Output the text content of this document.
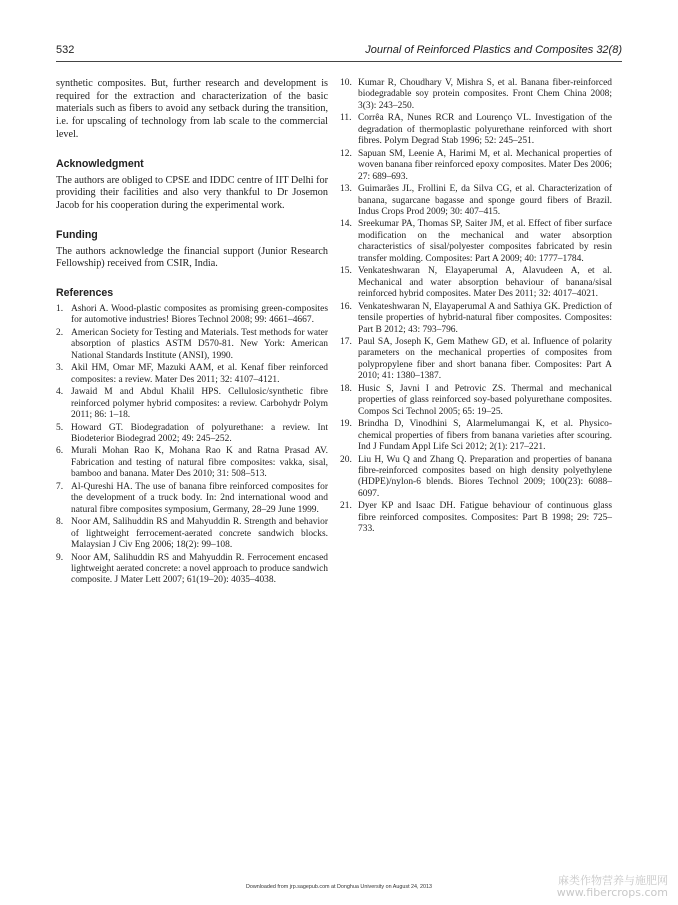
532	Journal of Reinforced Plastics and Composites 32(8)

synthetic composites. But, further research and development is required for the extraction and characterization of the basic materials such as fibers to avoid any setback during the transition, i.e. for upscaling of technology from lab scale to the commercial level.

Acknowledgment

The authors are obliged to CPSE and IDDC centre of IIT Delhi for providing their facilities and also very thankful to Dr Josemon Jacob for his cooperation during the experimental work.

Funding

The authors acknowledge the financial support (Junior Research Fellowship) received from CSIR, India.

References
1. Ashori A. Wood-plastic composites as promising green-composites for automotive industries! Biores Technol 2008; 99: 4661–4667.
2. American Society for Testing and Materials. Test methods for water absorption of plastics ASTM D570-81. New York: American National Standards Institute (ANSI), 1990.
3. Akil HM, Omar MF, Mazuki AAM, et al. Kenaf fiber reinforced composites: a review. Mater Des 2011; 32: 4107–4121.
4. Jawaid M and Abdul Khalil HPS. Cellulosic/synthetic fibre reinforced polymer hybrid composites: a review. Carbohydr Polym 2011; 86: 1–18.
5. Howard GT. Biodegradation of polyurethane: a review. Int Biodeterior Biodegrad 2002; 49: 245–252.
6. Murali Mohan Rao K, Mohana Rao K and Ratna Prasad AV. Fabrication and testing of natural fibre composites: vakka, sisal, bamboo and banana. Mater Des 2010; 31: 508–513.
7. Al-Qureshi HA. The use of banana fibre reinforced composites for the development of a truck body. In: 2nd international wood and natural fibre composites symposium, Germany, 28–29 June 1999.
8. Noor AM, Salihuddin RS and Mahyuddin R. Strength and behavior of lightweight ferrocement-aerated concrete sandwich blocks. Malaysian J Civ Eng 2006; 18(2): 99–108.
9. Noor AM, Salihuddin RS and Mahyuddin R. Ferrocement encased lightweight aerated concrete: a novel approach to produce sandwich composite. J Mater Lett 2007; 61(19–20): 4035–4038.
10. Kumar R, Choudhary V, Mishra S, et al. Banana fiber-reinforced biodegradable soy protein composites. Front Chem China 2008; 3(3): 243–250.
11. Corrêa RA, Nunes RCR and Lourenço VL. Investigation of the degradation of thermoplastic polyurethane reinforced with short fibres. Polym Degrad Stab 1996; 52: 245–251.
12. Sapuan SM, Leenie A, Harimi M, et al. Mechanical properties of woven banana fiber reinforced epoxy composites. Mater Des 2006; 27: 689–693.
13. Guimarães JL, Frollini E, da Silva CG, et al. Characterization of banana, sugarcane bagasse and sponge gourd fibers of Brazil. Indus Crops Prod 2009; 30: 407–415.
14. Sreekumar PA, Thomas SP, Saiter JM, et al. Effect of fiber surface modification on the mechanical and water absorption characteristics of sisal/polyester composites fabricated by resin transfer molding. Composites: Part A 2009; 40: 1777–1784.
15. Venkateshwaran N, Elayaperumal A, Alavudeen A, et al. Mechanical and water absorption behaviour of banana/sisal reinforced hybrid composites. Mater Des 2011; 32: 4017–4021.
16. Venkateshwaran N, Elayaperumal A and Sathiya GK. Prediction of tensile properties of hybrid-natural fiber composites. Composites: Part B 2012; 43: 793–796.
17. Paul SA, Joseph K, Gem Mathew GD, et al. Influence of polarity parameters on the mechanical properties of composites from polypropylene fiber and short banana fiber. Composites: Part A 2010; 41: 1380–1387.
18. Husic S, Javni I and Petrovic ZS. Thermal and mechanical properties of glass reinforced soy-based polyurethane composites. Compos Sci Technol 2005; 65: 19–25.
19. Brindha D, Vinodhini S, Alarmelumangai K, et al. Physico-chemical properties of fibers from banana varieties after scouring. Ind J Fundam Appl Life Sci 2012; 2(1): 217–221.
20. Liu H, Wu Q and Zhang Q. Preparation and properties of banana fibre-reinforced composites based on high density polyethylene (HDPE)/nylon-6 blends. Biores Technol 2009; 100(23): 6088–6097.
21. Dyer KP and Isaac DH. Fatigue behaviour of continuous glass fibre reinforced composites. Composites: Part B 1998; 29: 725–733.
Downloaded from jrp.sagepub.com at Donghua University on August 24, 2013	麻类作物营养与施肥网
www.fibercrops.com
